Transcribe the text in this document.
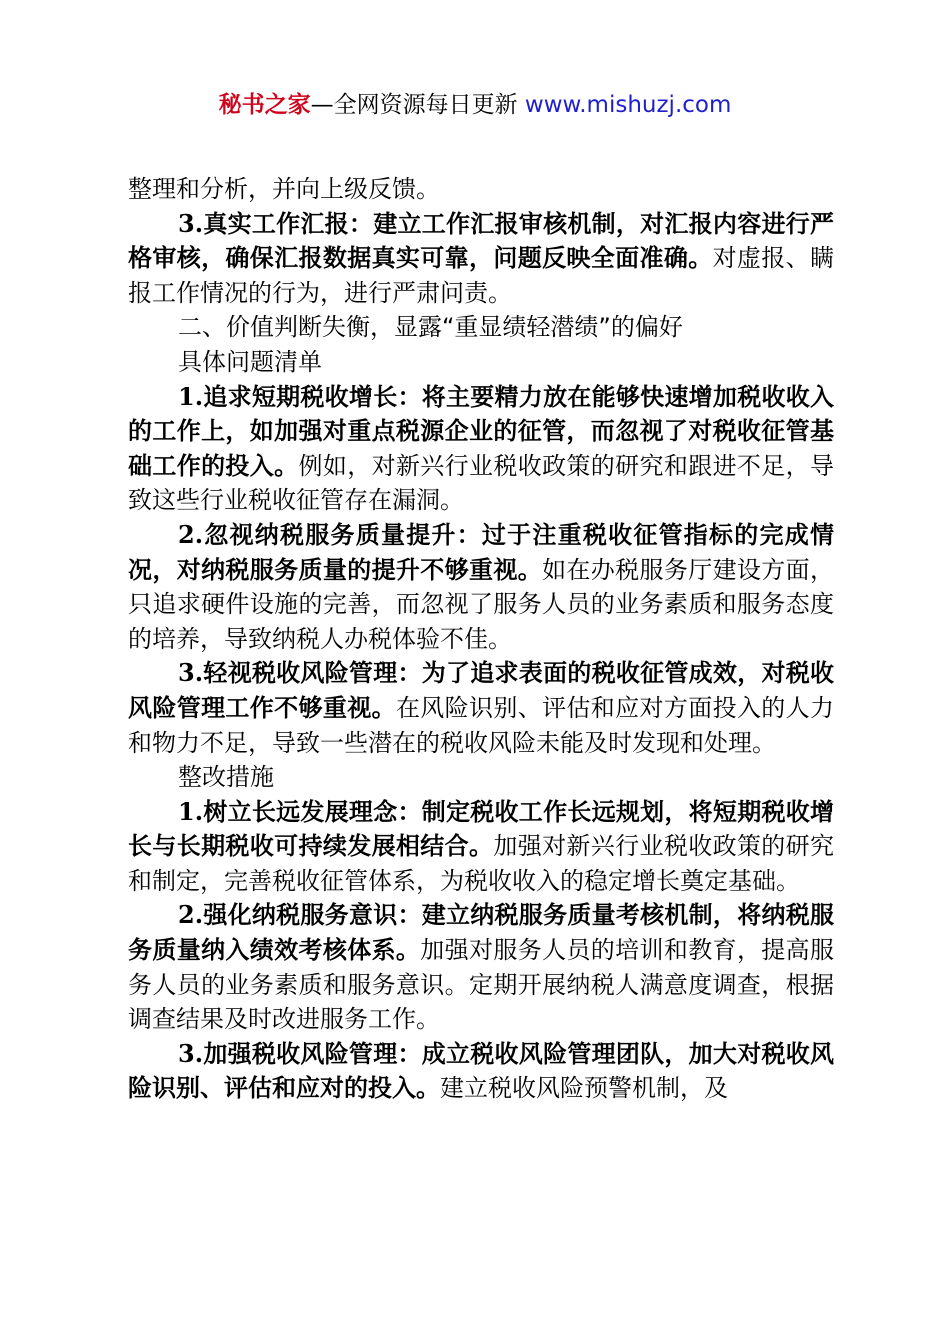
秘书之家—全网资源每日更新 www.mishuzj.com

整理和分析，并向上级反馈。

3.真实工作汇报：建立工作汇报审核机制，对汇报内容进行严格审核，确保汇报数据真实可靠，问题反映全面准确。对虚报、瞒报工作情况的行为，进行严肃问责。

二、价值判断失衡，显露“重显绩轻潜绩”的偏好

具体问题清单

1.追求短期税收增长：将主要精力放在能够快速增加税收收入的工作上，如加强对重点税源企业的征管，而忽视了对税收征管基础工作的投入。例如，对新兴行业税收政策的研究和跟进不足，导致这些行业税收征管存在漏洞。

2.忽视纳税服务质量提升：过于注重税收征管指标的完成情况，对纳税服务质量的提升不够重视。如在办税服务厅建设方面，只追求硬件设施的完善，而忽视了服务人员的业务素质和服务态度的培养，导致纳税人办税体验不佳。

3.轻视税收风险管理：为了追求表面的税收征管成效，对税收风险管理工作不够重视。在风险识别、评估和应对方面投入的人力和物力不足，导致一些潜在的税收风险未能及时发现和处理。

整改措施

1.树立长远发展理念：制定税收工作长远规划，将短期税收增长与长期税收可持续发展相结合。加强对新兴行业税收政策的研究和制定，完善税收征管体系，为税收收入的稳定增长奠定基础。

2.强化纳税服务意识：建立纳税服务质量考核机制，将纳税服务质量纳入绩效考核体系。加强对服务人员的培训和教育，提高服务人员的业务素质和服务意识。定期开展纳税人满意度调查，根据调查结果及时改进服务工作。

3.加强税收风险管理：成立税收风险管理团队，加大对税收风险识别、评估和应对的投入。建立税收风险预警机制，及
